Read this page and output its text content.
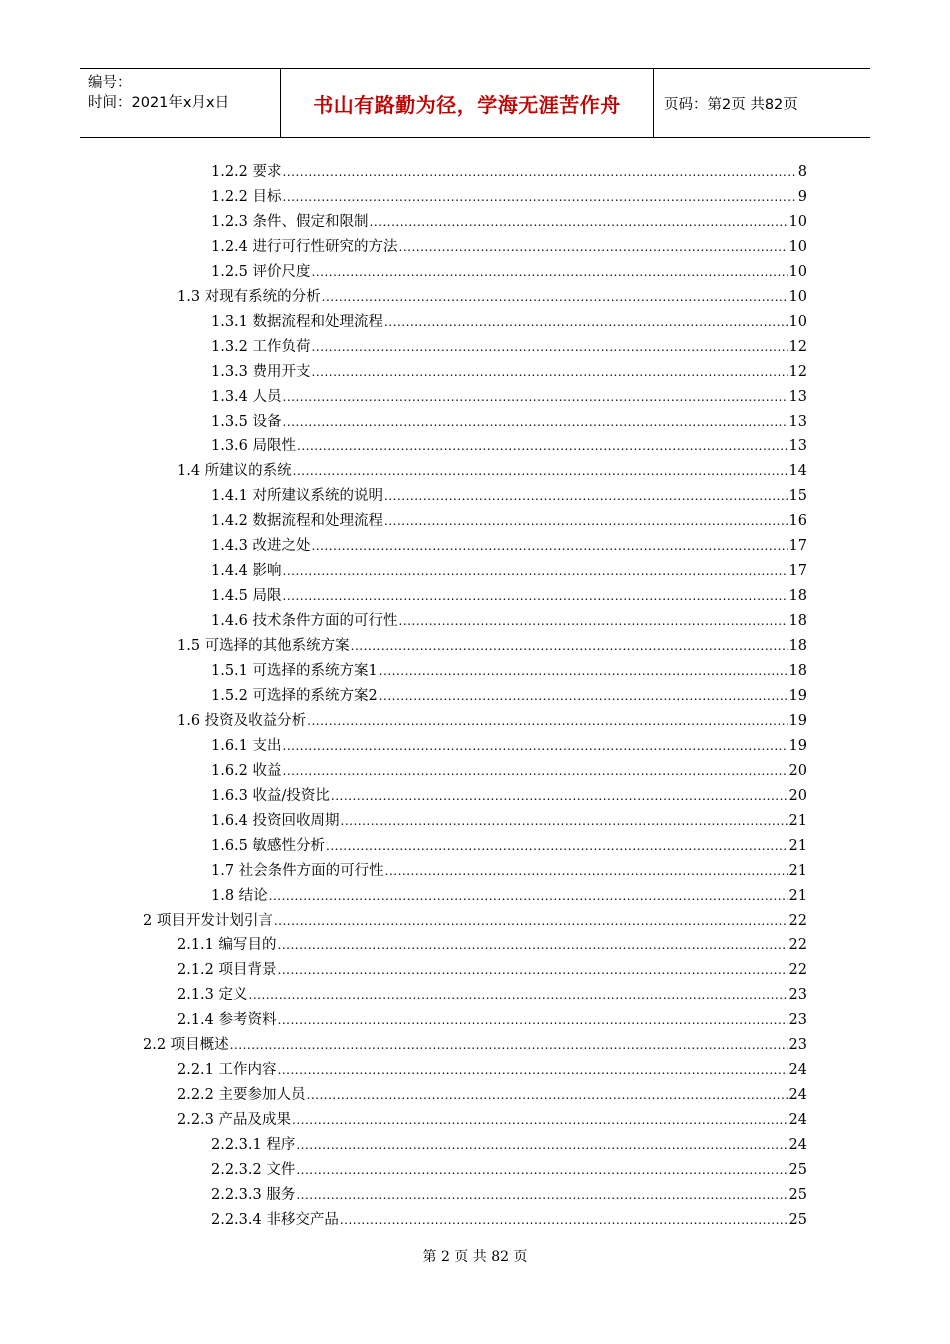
编号：
时间：2021年x月x日	书山有路勤为径，学海无涯苦作舟	页码：第2页 共82页
1.2.2 要求 .....	8
1.2.2 目标 .....	9
1.2.3 条件、假定和限制 .....	10
1.2.4 进行可行性研究的方法 .....	10
1.2.5 评价尺度 .....	10
1.3 对现有系统的分析 .....	10
1.3.1 数据流程和处理流程 .....	10
1.3.2 工作负荷 .....	12
1.3.3 费用开支 .....	12
1.3.4 人员 .....	13
1.3.5 设备 .....	13
1.3.6 局限性 .....	13
1.4 所建议的系统 .....	14
1.4.1 对所建议系统的说明 .....	15
1.4.2 数据流程和处理流程 .....	16
1.4.3 改进之处 .....	17
1.4.4 影响 .....	17
1.4.5 局限 .....	18
1.4.6 技术条件方面的可行性 .....	18
1.5 可选择的其他系统方案 .....	18
1.5.1 可选择的系统方案1 .....	18
1.5.2 可选择的系统方案2 .....	19
1.6 投资及收益分析 .....	19
1.6.1 支出 .....	19
1.6.2 收益 .....	20
1.6.3 收益/投资比 .....	20
1.6.4 投资回收周期 .....	21
1.6.5 敏感性分析 .....	21
1.7 社会条件方面的可行性 .....	21
1.8 结论 .....	21
2 项目开发计划引言 .....	22
2.1.1 编写目的 .....	22
2.1.2 项目背景 .....	22
2.1.3 定义 .....	23
2.1.4 参考资料 .....	23
2.2 项目概述 .....	23
2.2.1 工作内容 .....	24
2.2.2 主要参加人员 .....	24
2.2.3 产品及成果 .....	24
2.2.3.1 程序 .....	24
2.2.3.2 文件 .....	25
2.2.3.3 服务 .....	25
2.2.3.4 非移交产品 .....	25
第 2 页 共 82 页
